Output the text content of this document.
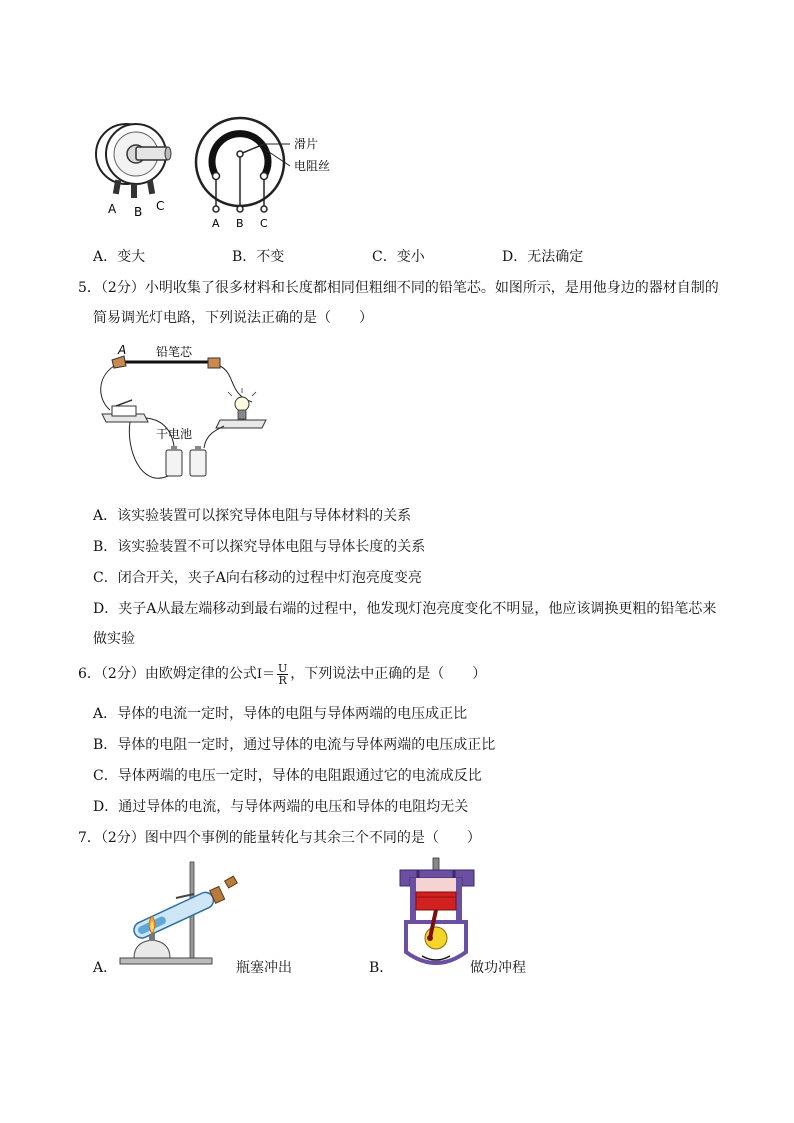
A B C
滑片
电阻丝
A B C
A．变大	B．不变	C．变小	D．无法确定
5．（2分）小明收集了很多材料和长度都相同但粗细不同的铅笔芯。如图所示，是用他身边的器材自制的
简易调光灯电路，下列说法正确的是（　　）
A 铅笔芯
干电池
A．该实验装置可以探究导体电阻与导体材料的关系
B．该实验装置不可以探究导体电阻与导体长度的关系
C．闭合开关，夹子A向右移动的过程中灯泡亮度变亮
D．夹子A从最左端移动到最右端的过程中，他发现灯泡亮度变化不明显，他应该调换更粗的铅笔芯来
做实验
6．（2分）由欧姆定律的公式$I= \frac{U}{R}$ ，下列说法中正确的是（　　）
A．导体的电流一定时，导体的电阻与导体两端的电压成正比
B．导体的电阻一定时，通过导体的电流与导体两端的电压成正比
C．导体两端的电压一定时，导体的电阻跟通过它的电流成反比
D．通过导体的电流，与导体两端的电压和导体的电阻均无关
7．（2分）图中四个事例的能量转化与其余三个不同的是（　　）
A．	瓶塞冲出	B．	做功冲程
